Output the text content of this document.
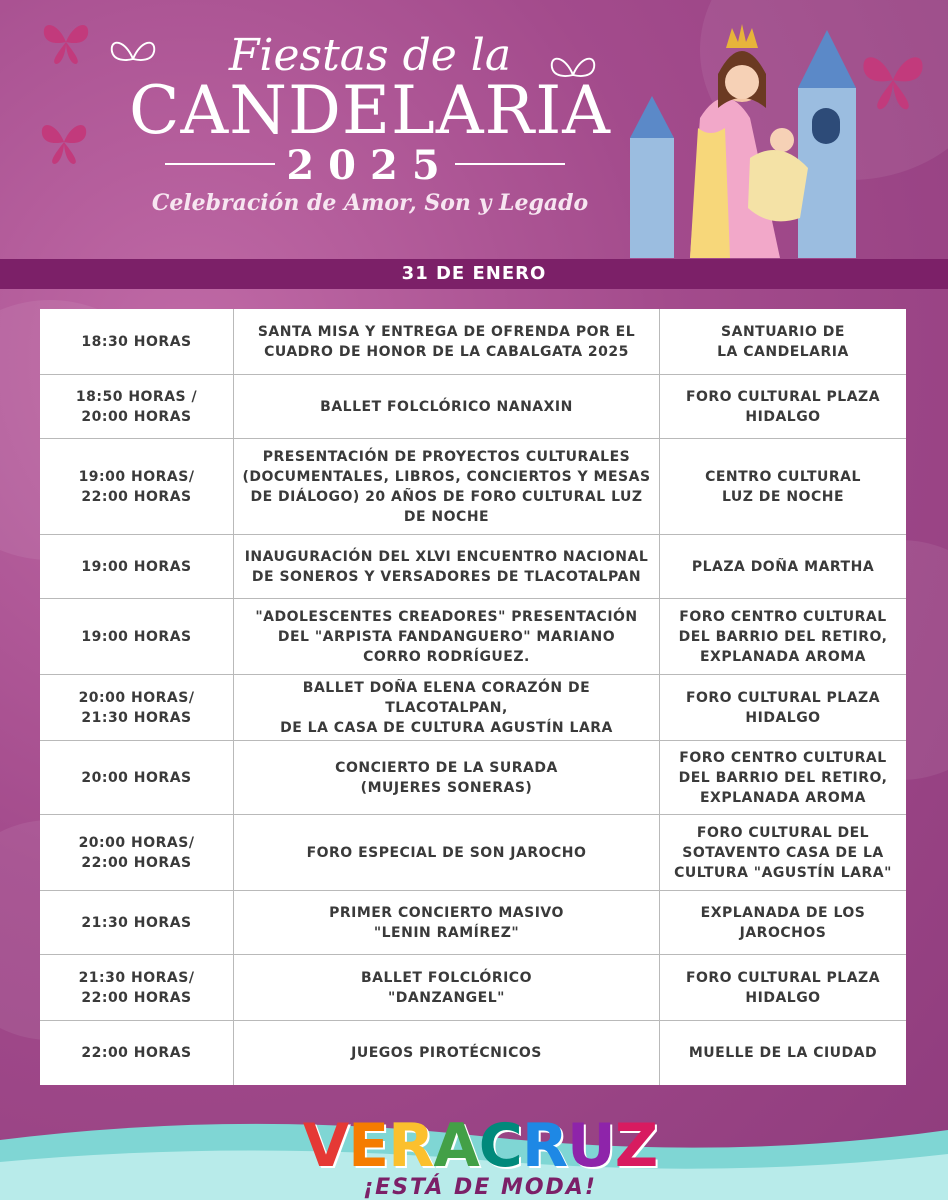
Fiestas de la
CANDELARIA
2025
Celebración de Amor, Son y Legado
31 DE ENERO
18:30 HORAS
SANTA MISA Y ENTREGA DE OFRENDA POR EL
CUADRO DE HONOR DE LA CABALGATA 2025
SANTUARIO DE
LA CANDELARIA
18:50 HORAS /
20:00 HORAS
BALLET FOLCLÓRICO NANAXIN
FORO CULTURAL PLAZA
HIDALGO
19:00 HORAS/
22:00 HORAS
PRESENTACIÓN DE PROYECTOS CULTURALES
(DOCUMENTALES, LIBROS, CONCIERTOS Y MESAS
DE DIÁLOGO) 20 AÑOS DE FORO CULTURAL LUZ
DE NOCHE
CENTRO CULTURAL
LUZ DE NOCHE
19:00 HORAS
INAUGURACIÓN DEL XLVI ENCUENTRO NACIONAL
DE SONEROS Y VERSADORES DE TLACOTALPAN
PLAZA DOÑA MARTHA
19:00 HORAS
"ADOLESCENTES CREADORES" PRESENTACIÓN
DEL "ARPISTA FANDANGUERO" MARIANO
CORRO RODRÍGUEZ.
FORO CENTRO CULTURAL
DEL BARRIO DEL RETIRO,
EXPLANADA AROMA
20:00 HORAS/
21:30 HORAS
BALLET DOÑA ELENA CORAZÓN DE TLACOTALPAN,
DE LA CASA DE CULTURA AGUSTÍN LARA
FORO CULTURAL PLAZA
HIDALGO
20:00 HORAS
CONCIERTO DE LA SURADA
(MUJERES SONERAS)
FORO CENTRO CULTURAL
DEL BARRIO DEL RETIRO,
EXPLANADA AROMA
20:00 HORAS/
22:00 HORAS
FORO ESPECIAL DE SON JAROCHO
FORO CULTURAL DEL
SOTAVENTO CASA DE LA
CULTURA "AGUSTÍN LARA"
21:30 HORAS
PRIMER CONCIERTO MASIVO
"LENIN RAMÍREZ"
EXPLANADA DE LOS
JAROCHOS
21:30 HORAS/
22:00 HORAS
BALLET FOLCLÓRICO
"DANZANGEL"
FORO CULTURAL PLAZA
HIDALGO
22:00 HORAS	JUEGOS PIROTÉCNICOS	MUELLE DE LA CIUDAD
VERACRUZ
¡ESTÁ DE MODA!
